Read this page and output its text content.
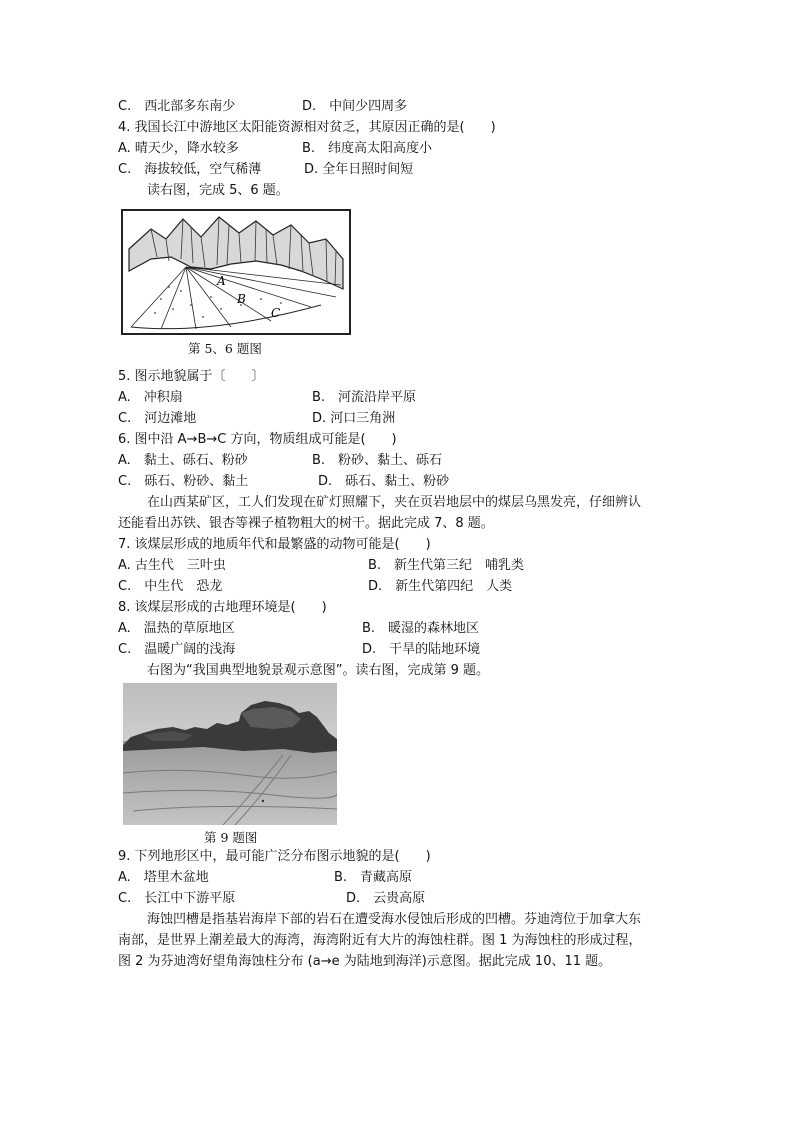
C.　西北部多东南少	D.　中间少四周多
4. 我国长江中游地区太阳能资源相对贫乏，其原因正确的是(　　)
A. 晴天少，降水较多	B.　纬度高太阳高度小
C.　海拔较低，空气稀薄	D. 全年日照时间短
读右图，完成 5、6 题。
A
B
C
第 5、6 题图
5. 图示地貌属于〔　　〕
A.　冲积扇	B.　河流沿岸平原
C.　河边滩地	D. 河口三角洲
6. 图中沿 A→B→C 方向，物质组成可能是(　　)
A.　黏土、砾石、粉砂	B.　粉砂、黏土、砾石
C.　砾石、粉砂、黏土	D.　砾石、黏土、粉砂
在山西某矿区，工人们发现在矿灯照耀下，夹在页岩地层中的煤层乌黑发亮，仔细辨认
还能看出苏铁、银杏等裸子植物粗大的树干。据此完成 7、8 题。
7. 该煤层形成的地质年代和最繁盛的动物可能是(　　)
A. 古生代　三叶虫	B.　新生代第三纪　哺乳类
C.　中生代　恐龙	D.　新生代第四纪　人类
8. 该煤层形成的古地理环境是(　　)
A.　温热的草原地区	B.　暖湿的森林地区
C.　温暖广阔的浅海	D.　干旱的陆地环境
右图为“我国典型地貌景观示意图”。读右图，完成第 9 题。
第 9 题图
9. 下列地形区中，最可能广泛分布图示地貌的是(　　)
A.　塔里木盆地	B.　青藏高原
C.　长江中下游平原	D.　云贵高原
海蚀凹槽是指基岩海岸下部的岩石在遭受海水侵蚀后形成的凹槽。芬迪湾位于加拿大东
南部，是世界上潮差最大的海湾，海湾附近有大片的海蚀柱群。图 1 为海蚀柱的形成过程，
图 2 为芬迪湾好望角海蚀柱分布 (a→e 为陆地到海洋)示意图。据此完成 10、11 题。
